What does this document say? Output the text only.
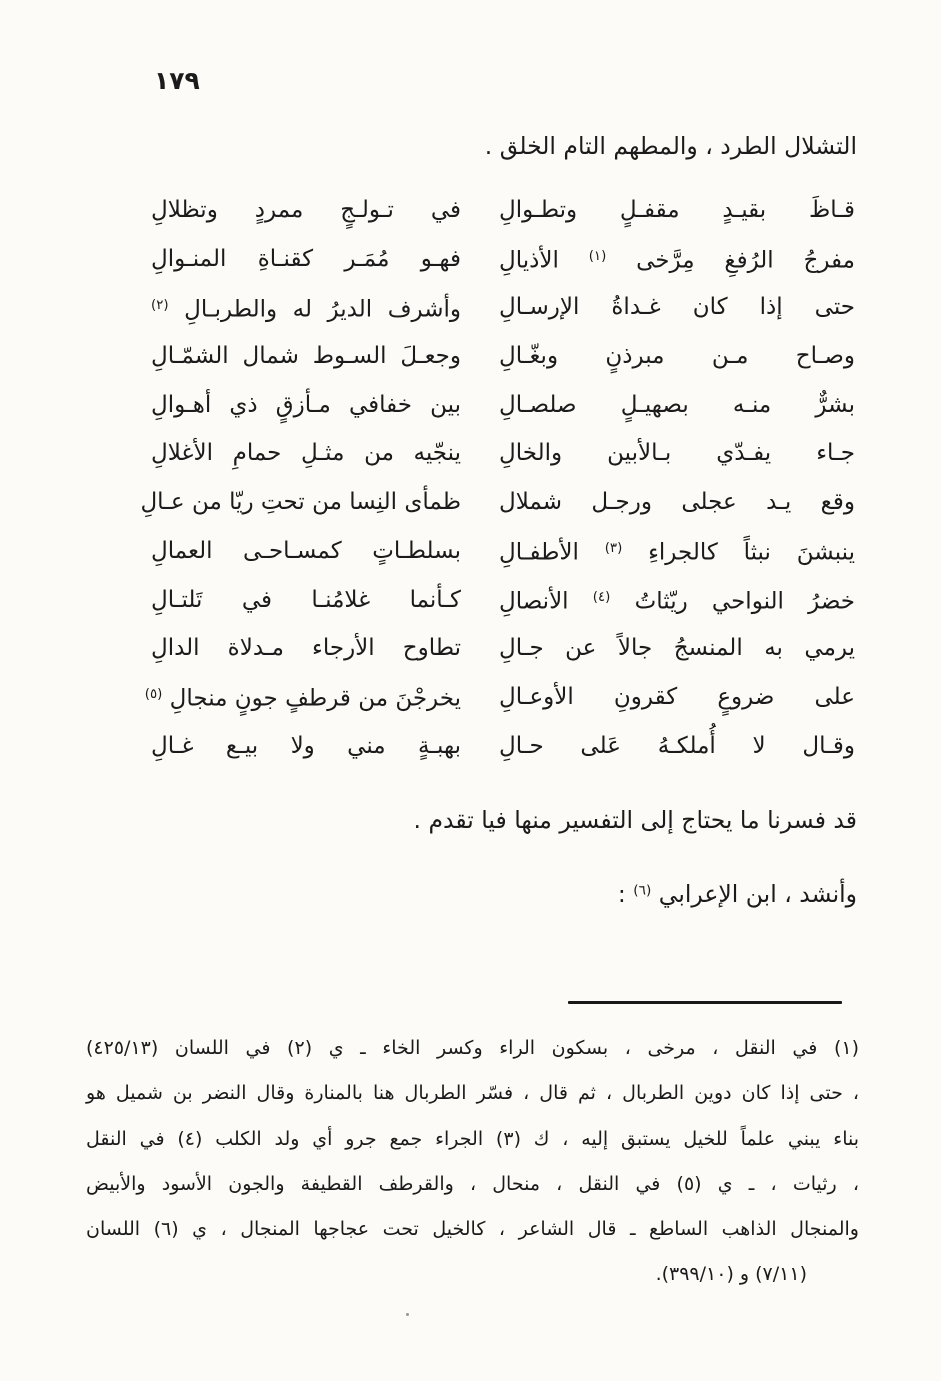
١٧٩
التشلال الطرد ، والمطهم التام الخلق .
قـاظَ بقيـدٍ مقفـلٍ وتطـوالِ
في تـولـجٍ ممردٍ وتظلالِ
مفرجُ الرُفغِ مِرَّخى $^{(١)}$ الأذيالِ
فهـو مُمَـر كقنـاةِ المنـوالِ
حتى إذا كان غـداةُ الإرسـالِ
وأشرف الديرُ له والطربـالِ $^{(٢)}$
وصـاح مـن مبرذنٍ وبغّـالِ
وجعـلَ السـوط شمال الشمّـالِ
بشرٌّ منـه بصهيـلٍ صلصـالِ
بين خفافي مـأزقٍ ذي أهـوالِ
جـاء يفـدّي بـالأبين والخالِ
ينجّيه من مثـلِ حمامِ الأغلالِ
وقع يـد عجلى ورجـل شملال
ظمأى النِسا من تحتِ ريّا من عـالِ
ينبشنَ نبثاً كالجراءِ $^{(٣)}$ الأطفـالِ
بسلطـاتٍ كمسـاحـى العمالِ
خضرُ النواحي ريّثاتُ $^{(٤)}$ الأنصالِ
كـأنما غلامُنـا في تَلتـالِ
يرمي به المنسجُ جالاً عن جـالِ
تطاوح الأرجاء مـدلاة الدالِ
على ضروعٍ كقرونِ الأوعـالِ
يخرجْنَ من قرطفٍ جونٍ منجالِ $^{(٥)}$
وقـال لا أُملكـهُ عَلى حـالِ
بهبـةٍ مني ولا بيـع غـالِ
قد فسرنا ما يحتاج إلى التفسير منها فيا تقدم .
وأنشد ، ابن الإعرابي $^{(٦)}$ :
(١) في النقل ، مرخى ، بسكون الراء وكسر الخاء ـ ي (٢) في اللسان (٤٢٥/١٣)
، حتى إذا كان دوين الطربال ، ثم قال ، فسّر الطربال هنا بالمنارة وقال النضر بن شميل هو
بناء يبني علماً للخيل يستبق إليه ، ك (٣) الجراء جمع جرو أي ولد الكلب (٤) في النقل
، رثيات ، ـ ي (٥) في النقل ، منحال ، والقرطف القطيفة والجون الأسود والأبيض
والمنجال الذاهب الساطع ـ قال الشاعر ، كالخيل تحت عجاجها المنجال ، ي (٦) اللسان
(٧/١١) و (٣٩٩/١٠).
